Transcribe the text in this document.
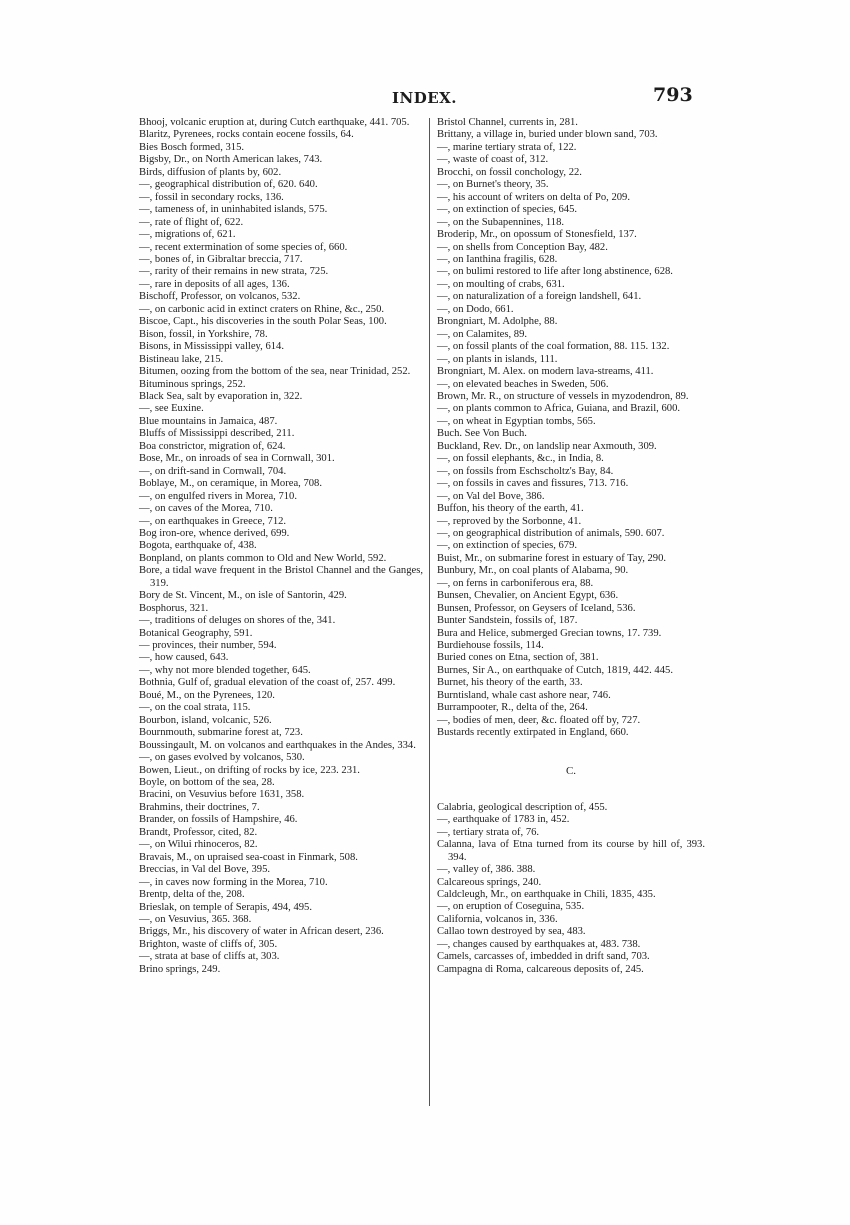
INDEX.	793
Bhooj, volcanic eruption at, during Cutch earthquake, 441. 705.
Blaritz, Pyrenees, rocks contain eocene fossils, 64.
Bies Bosch formed, 315.
Bigsby, Dr., on North American lakes, 743.
Birds, diffusion of plants by, 602.
—, geographical distribution of, 620. 640.
—, fossil in secondary rocks, 136.
—, tameness of, in uninhabited islands, 575.
—, rate of flight of, 622.
—, migrations of, 621.
—, recent extermination of some species of, 660.
—, bones of, in Gibraltar breccia, 717.
—, rarity of their remains in new strata, 725.
—, rare in deposits of all ages, 136.
Bischoff, Professor, on volcanos, 532.
—, on carbonic acid in extinct craters on Rhine, &c., 250.
Biscoe, Capt., his discoveries in the south Polar Seas, 100.
Bison, fossil, in Yorkshire, 78.
Bisons, in Mississippi valley, 614.
Bistineau lake, 215.
Bitumen, oozing from the bottom of the sea, near Trinidad, 252.
Bituminous springs, 252.
Black Sea, salt by evaporation in, 322.
—, see Euxine.
Blue mountains in Jamaica, 487.
Bluffs of Mississippi described, 211.
Boa constrictor, migration of, 624.
Bose, Mr., on inroads of sea in Cornwall, 301.
—, on drift-sand in Cornwall, 704.
Boblaye, M., on ceramique, in Morea, 708.
—, on engulfed rivers in Morea, 710.
—, on caves of the Morea, 710.
—, on earthquakes in Greece, 712.
Bog iron-ore, whence derived, 699.
Bogota, earthquake of, 438.
Bonpland, on plants common to Old and New World, 592.
Bore, a tidal wave frequent in the Bristol Channel and the Ganges, 319.
Bory de St. Vincent, M., on isle of Santorin, 429.
Bosphorus, 321.
—, traditions of deluges on shores of the, 341.
Botanical Geography, 591.
— provinces, their number, 594.
—, how caused, 643.
—, why not more blended together, 645.
Bothnia, Gulf of, gradual elevation of the coast of, 257. 499.
Boué, M., on the Pyrenees, 120.
—, on the coal strata, 115.
Bourbon, island, volcanic, 526.
Bournmouth, submarine forest at, 723.
Boussingault, M. on volcanos and earthquakes in the Andes, 334.
—, on gases evolved by volcanos, 530.
Bowen, Lieut., on drifting of rocks by ice, 223. 231.
Boyle, on bottom of the sea, 28.
Bracini, on Vesuvius before 1631, 358.
Brahmins, their doctrines, 7.
Brander, on fossils of Hampshire, 46.
Brandt, Professor, cited, 82.
—, on Wilui rhinoceros, 82.
Bravais, M., on upraised sea-coast in Finmark, 508.
Breccias, in Val del Bove, 395.
—, in caves now forming in the Morea, 710.
Brentp, delta of the, 208.
Brieslak, on temple of Serapis, 494, 495.
—, on Vesuvius, 365. 368.
Briggs, Mr., his discovery of water in African desert, 236.
Brighton, waste of cliffs of, 305.
—, strata at base of cliffs at, 303.
Brino springs, 249.
Bristol Channel, currents in, 281.
Brittany, a village in, buried under blown sand, 703.
—, marine tertiary strata of, 122.
—, waste of coast of, 312.
Brocchi, on fossil conchology, 22.
—, on Burnet's theory, 35.
—, his account of writers on delta of Po, 209.
—, on extinction of species, 645.
—, on the Subapennines, 118.
Broderip, Mr., on opossum of Stonesfield, 137.
—, on shells from Conception Bay, 482.
—, on Ianthina fragilis, 628.
—, on bulimi restored to life after long abstinence, 628.
—, on moulting of crabs, 631.
—, on naturalization of a foreign landshell, 641.
—, on Dodo, 661.
Brongniart, M. Adolphe, 88.
—, on Calamites, 89.
—, on fossil plants of the coal formation, 88. 115. 132.
—, on plants in islands, 111.
Brongniart, M. Alex. on modern lava-streams, 411.
—, on elevated beaches in Sweden, 506.
Brown, Mr. R., on structure of vessels in myzodendron, 89.
—, on plants common to Africa, Guiana, and Brazil, 600.
—, on wheat in Egyptian tombs, 565.
Buch. See Von Buch.
Buckland, Rev. Dr., on landslip near Axmouth, 309.
—, on fossil elephants, &c., in India, 8.
—, on fossils from Eschscholtz's Bay, 84.
—, on fossils in caves and fissures, 713. 716.
—, on Val del Bove, 386.
Buffon, his theory of the earth, 41.
—, reproved by the Sorbonne, 41.
—, on geographical distribution of animals, 590. 607.
—, on extinction of species, 679.
Buist, Mr., on submarine forest in estuary of Tay, 290.
Bunbury, Mr., on coal plants of Alabama, 90.
—, on ferns in carboniferous era, 88.
Bunsen, Chevalier, on Ancient Egypt, 636.
Bunsen, Professor, on Geysers of Iceland, 536.
Bunter Sandstein, fossils of, 187.
Bura and Helice, submerged Grecian towns, 17. 739.
Burdiehouse fossils, 114.
Buried cones on Etna, section of, 381.
Burnes, Sir A., on earthquake of Cutch, 1819, 442. 445.
Burnet, his theory of the earth, 33.
Burntisland, whale cast ashore near, 746.
Burrampooter, R., delta of the, 264.
—, bodies of men, deer, &c. floated off by, 727.
Bustards recently extirpated in England, 660.
C.
Calabria, geological description of, 455.
—, earthquake of 1783 in, 452.
—, tertiary strata of, 76.
Calanna, lava of Etna turned from its course by hill of, 393. 394.
—, valley of, 386. 388.
Calcareous springs, 240.
Caldcleugh, Mr., on earthquake in Chili, 1835, 435.
—, on eruption of Coseguina, 535.
California, volcanos in, 336.
Callao town destroyed by sea, 483.
—, changes caused by earthquakes at, 483. 738.
Camels, carcasses of, imbedded in drift sand, 703.
Campagna di Roma, calcareous deposits of, 245.
